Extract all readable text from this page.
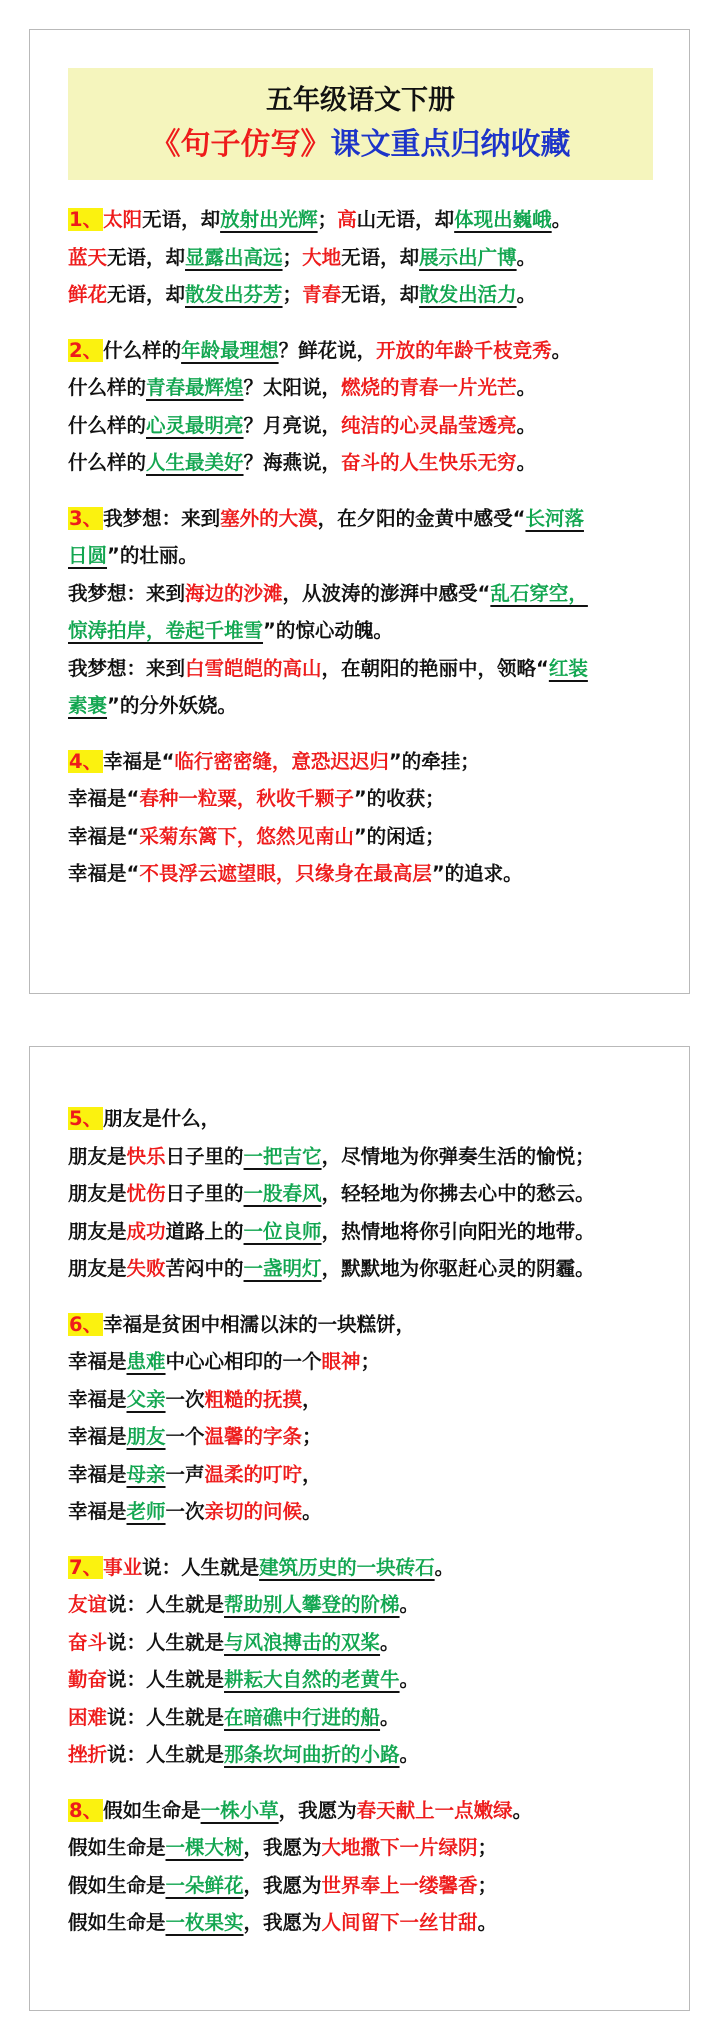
五年级语文下册
《句子仿写》课文重点归纳收藏
1、太阳无语，却放射出光辉；高山无语，却体现出巍峨。
蓝天无语，却显露出高远；大地无语，却展示出广博。
鲜花无语，却散发出芬芳；青春无语，却散发出活力。
2、什么样的年龄最理想？鲜花说，开放的年龄千枝竞秀。
什么样的青春最辉煌？太阳说，燃烧的青春一片光芒。
什么样的心灵最明亮？月亮说，纯洁的心灵晶莹透亮。
什么样的人生最美好？海燕说，奋斗的人生快乐无穷。
3、我梦想：来到塞外的大漠，在夕阳的金黄中感受“长河落
日圆”的壮丽。
我梦想：来到海边的沙滩，从波涛的澎湃中感受“乱石穿空，
惊涛拍岸，卷起千堆雪”的惊心动魄。
我梦想：来到白雪皑皑的高山，在朝阳的艳丽中，领略“红装
素裹”的分外妖娆。
4、幸福是“临行密密缝，意恐迟迟归”的牵挂；
幸福是“春种一粒粟，秋收千颗子”的收获；
幸福是“采菊东篱下，悠然见南山”的闲适；
幸福是“不畏浮云遮望眼，只缘身在最高层”的追求。
5、朋友是什么，
朋友是快乐日子里的一把吉它，尽情地为你弹奏生活的愉悦；
朋友是忧伤日子里的一股春风，轻轻地为你拂去心中的愁云。
朋友是成功道路上的一位良师，热情地将你引向阳光的地带。
朋友是失败苦闷中的一盏明灯，默默地为你驱赶心灵的阴霾。
6、幸福是贫困中相濡以沫的一块糕饼，
幸福是患难中心心相印的一个眼神；
幸福是父亲一次粗糙的抚摸，
幸福是朋友一个温馨的字条；
幸福是母亲一声温柔的叮咛，
幸福是老师一次亲切的问候。
7、事业说：人生就是建筑历史的一块砖石。
友谊说：人生就是帮助别人攀登的阶梯。
奋斗说：人生就是与风浪搏击的双桨。
勤奋说：人生就是耕耘大自然的老黄牛。
困难说：人生就是在暗礁中行进的船。
挫折说：人生就是那条坎坷曲折的小路。
8、假如生命是一株小草，我愿为春天献上一点嫩绿。
假如生命是一棵大树，我愿为大地撒下一片绿阴；
假如生命是一朵鲜花，我愿为世界奉上一缕馨香；
假如生命是一枚果实，我愿为人间留下一丝甘甜。
